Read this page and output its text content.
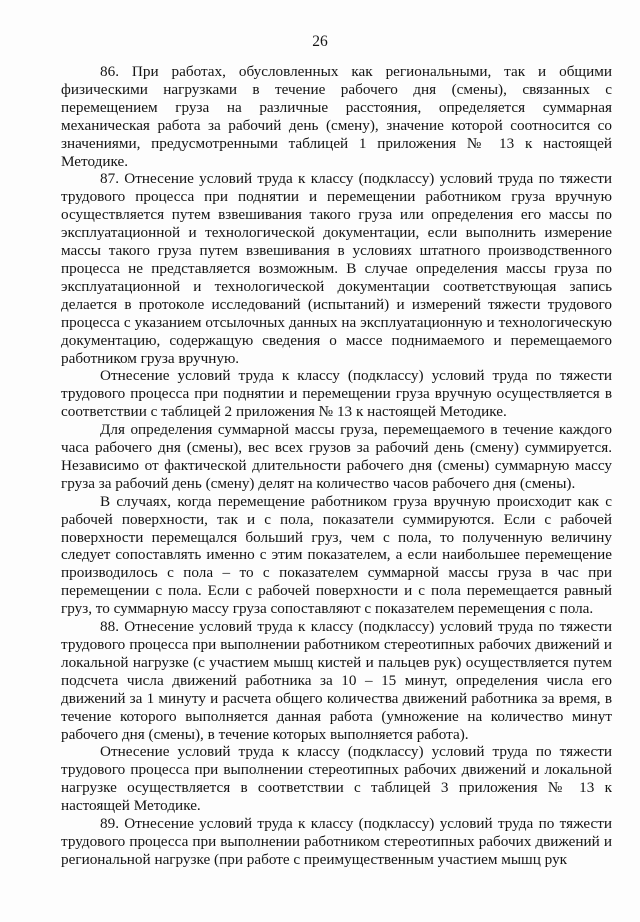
26

86. При работах, обусловленных как региональными, так и общими физическими нагрузками в течение рабочего дня (смены), связанных с перемещением груза на различные расстояния, определяется суммарная механическая работа за рабочий день (смену), значение которой соотносится со значениями, предусмотренными таблицей 1 приложения № 13 к настоящей Методике.

87. Отнесение условий труда к классу (подклассу) условий труда по тяжести трудового процесса при поднятии и перемещении работником груза вручную осуществляется путем взвешивания такого груза или определения его массы по эксплуатационной и технологической документации, если выполнить измерение массы такого груза путем взвешивания в условиях штатного производственного процесса не представляется возможным. В случае определения массы груза по эксплуатационной и технологической документации соответствующая запись делается в протоколе исследований (испытаний) и измерений тяжести трудового процесса с указанием отсылочных данных на эксплуатационную и технологическую документацию, содержащую сведения о массе поднимаемого и перемещаемого работником груза вручную.

Отнесение условий труда к классу (подклассу) условий труда по тяжести трудового процесса при поднятии и перемещении груза вручную осуществляется в соответствии с таблицей 2 приложения № 13 к настоящей Методике.

Для определения суммарной массы груза, перемещаемого в течение каждого часа рабочего дня (смены), вес всех грузов за рабочий день (смену) суммируется. Независимо от фактической длительности рабочего дня (смены) суммарную массу груза за рабочий день (смену) делят на количество часов рабочего дня (смены).

В случаях, когда перемещение работником груза вручную происходит как с рабочей поверхности, так и с пола, показатели суммируются. Если с рабочей поверхности перемещался больший груз, чем с пола, то полученную величину следует сопоставлять именно с этим показателем, а если наибольшее перемещение производилось с пола – то с показателем суммарной массы груза в час при перемещении с пола. Если с рабочей поверхности и с пола перемещается равный груз, то суммарную массу груза сопоставляют с показателем перемещения с пола.

88. Отнесение условий труда к классу (подклассу) условий труда по тяжести трудового процесса при выполнении работником стереотипных рабочих движений и локальной нагрузке (с участием мышц кистей и пальцев рук) осуществляется путем подсчета числа движений работника за 10 – 15 минут, определения числа его движений за 1 минуту и расчета общего количества движений работника за время, в течение которого выполняется данная работа (умножение на количество минут рабочего дня (смены), в течение которых выполняется работа).

Отнесение условий труда к классу (подклассу) условий труда по тяжести трудового процесса при выполнении стереотипных рабочих движений и локальной нагрузке осуществляется в соответствии с таблицей 3 приложения № 13 к настоящей Методике.

89. Отнесение условий труда к классу (подклассу) условий труда по тяжести трудового процесса при выполнении работником стереотипных рабочих движений и региональной нагрузке (при работе с преимущественным участием мышц рук
